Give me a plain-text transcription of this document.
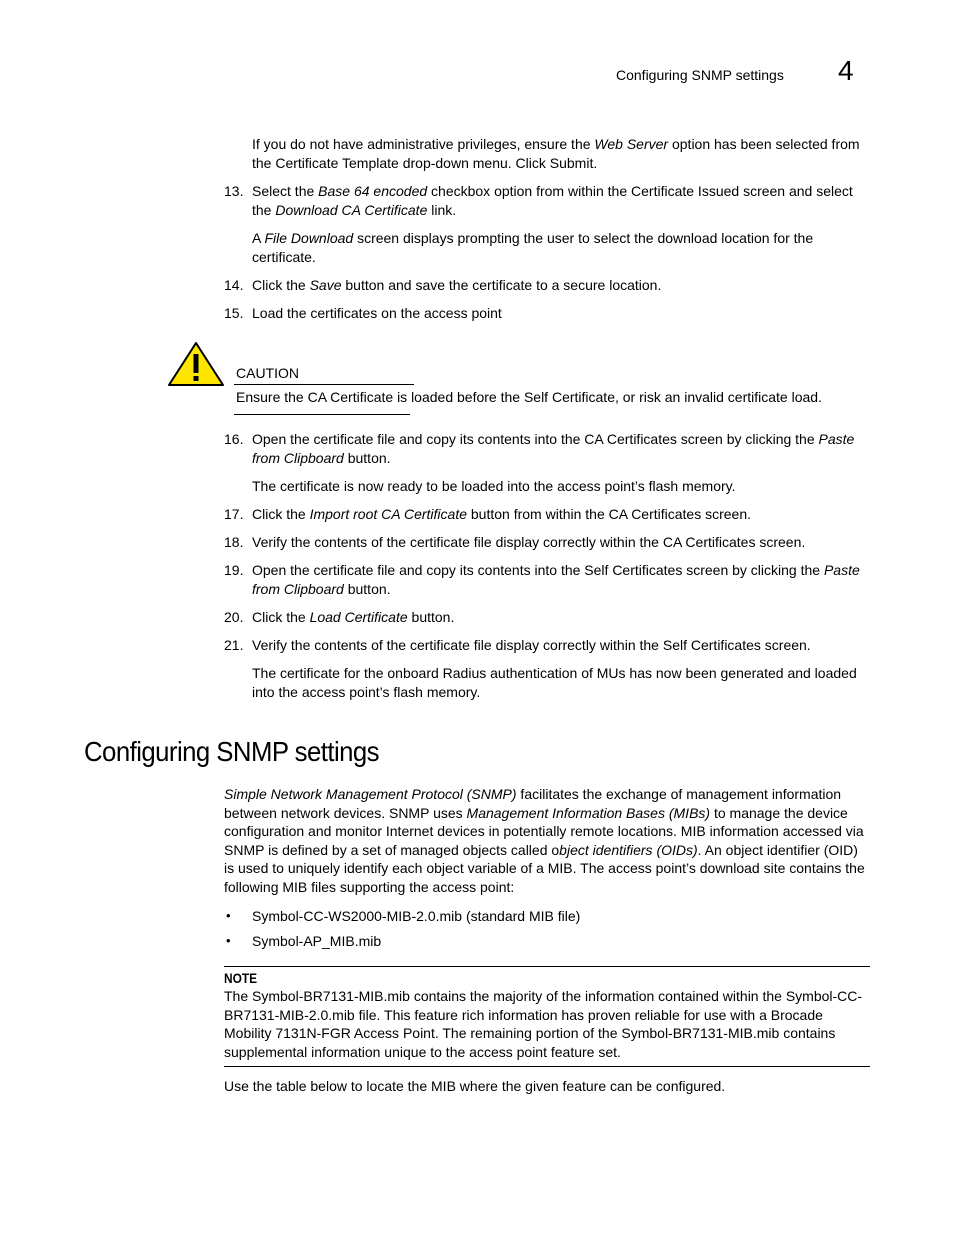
Configuring SNMP settings 4
If you do not have administrative privileges, ensure the Web Server option has been selected from the Certificate Template drop-down menu. Click Submit.
13. Select the Base 64 encoded checkbox option from within the Certificate Issued screen and select the Download CA Certificate link.
A File Download screen displays prompting the user to select the download location for the certificate.
14. Click the Save button and save the certificate to a secure location.
15. Load the certificates on the access point
CAUTION
Ensure the CA Certificate is loaded before the Self Certificate, or risk an invalid certificate load.
16. Open the certificate file and copy its contents into the CA Certificates screen by clicking the Paste from Clipboard button.
The certificate is now ready to be loaded into the access point’s flash memory.
17. Click the Import root CA Certificate button from within the CA Certificates screen.
18. Verify the contents of the certificate file display correctly within the CA Certificates screen.
19. Open the certificate file and copy its contents into the Self Certificates screen by clicking the Paste from Clipboard button.
20. Click the Load Certificate button.
21. Verify the contents of the certificate file display correctly within the Self Certificates screen.
The certificate for the onboard Radius authentication of MUs has now been generated and loaded into the access point’s flash memory.
Configuring SNMP settings
Simple Network Management Protocol (SNMP) facilitates the exchange of management information between network devices. SNMP uses Management Information Bases (MIBs) to manage the device configuration and monitor Internet devices in potentially remote locations. MIB information accessed via SNMP is defined by a set of managed objects called object identifiers (OIDs). An object identifier (OID) is used to uniquely identify each object variable of a MIB. The access point’s download site contains the following MIB files supporting the access point:
• Symbol-CC-WS2000-MIB-2.0.mib (standard MIB file)
• Symbol-AP_MIB.mib
NOTE
The Symbol-BR7131-MIB.mib contains the majority of the information contained within the Symbol-CC-BR7131-MIB-2.0.mib file. This feature rich information has proven reliable for use with a Brocade Mobility 7131N-FGR Access Point. The remaining portion of the Symbol-BR7131-MIB.mib contains supplemental information unique to the access point feature set.
Use the table below to locate the MIB where the given feature can be configured.
